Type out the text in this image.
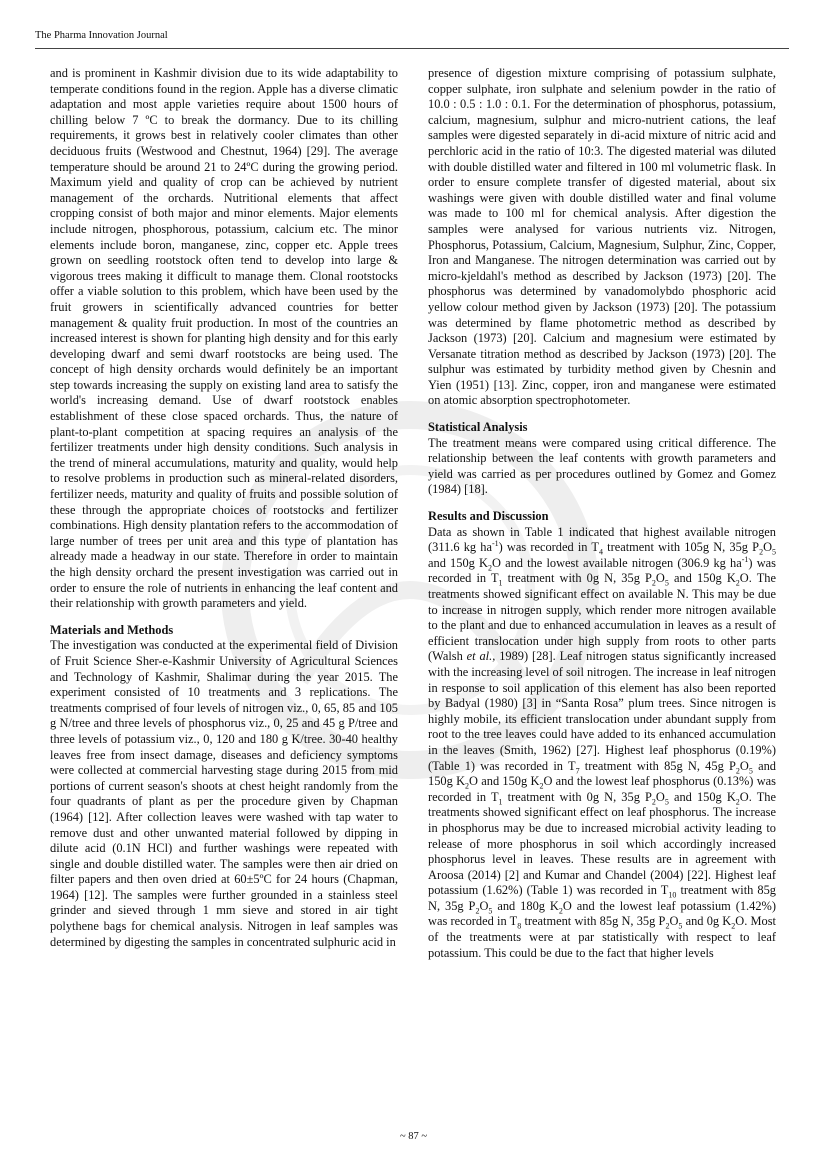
The Pharma Innovation Journal

and is prominent in Kashmir division due to its wide adaptability to temperate conditions found in the region. Apple has a diverse climatic adaptation and most apple varieties require about 1500 hours of chilling below 7 ºC to break the dormancy. Due to its chilling requirements, it grows best in relatively cooler climates than other deciduous fruits (Westwood and Chestnut, 1964) [29]. The average temperature should be around 21 to 24ºC during the growing period. Maximum yield and quality of crop can be achieved by nutrient management of the orchards. Nutritional elements that affect cropping consist of both major and minor elements. Major elements include nitrogen, phosphorous, potassium, calcium etc. The minor elements include boron, manganese, zinc, copper etc. Apple trees grown on seedling rootstock often tend to develop into large & vigorous trees making it difficult to manage them. Clonal rootstocks offer a viable solution to this problem, which have been used by the fruit growers in scientifically advanced countries for better management & quality fruit production. In most of the countries an increased interest is shown for planting high density and for this early developing dwarf and semi dwarf rootstocks are being used. The concept of high density orchards would definitely be an important step towards increasing the supply on existing land area to satisfy the world's increasing demand. Use of dwarf rootstock enables establishment of these close spaced orchards. Thus, the nature of plant-to-plant competition at spacing requires an analysis of the fertilizer treatments under high density conditions. Such analysis in the trend of mineral accumulations, maturity and quality, would help to resolve problems in production such as mineral-related disorders, fertilizer needs, maturity and quality of fruits and possible solution of these through the appropriate choices of rootstocks and fertilizer combinations. High density plantation refers to the accommodation of large number of trees per unit area and this type of plantation has already made a headway in our state. Therefore in order to maintain the high density orchard the present investigation was carried out in order to ensure the role of nutrients in enhancing the leaf content and their relationship with growth parameters and yield.

Materials and Methods

The investigation was conducted at the experimental field of Division of Fruit Science Sher-e-Kashmir University of Agricultural Sciences and Technology of Kashmir, Shalimar during the year 2015. The experiment consisted of 10 treatments and 3 replications. The treatments comprised of four levels of nitrogen viz., 0, 65, 85 and 105 g N/tree and three levels of phosphorus viz., 0, 25 and 45 g P/tree and three levels of potassium viz., 0, 120 and 180 g K/tree. 30-40 healthy leaves free from insect damage, diseases and deficiency symptoms were collected at commercial harvesting stage during 2015 from mid portions of current season's shoots at chest height randomly from the four quadrants of plant as per the procedure given by Chapman (1964) [12]. After collection leaves were washed with tap water to remove dust and other unwanted material followed by dipping in dilute acid (0.1N HCl) and further washings were repeated with single and double distilled water. The samples were then air dried on filter papers and then oven dried at 60±5ºC for 24 hours (Chapman, 1964) [12]. The samples were further grounded in a stainless steel grinder and sieved through 1 mm sieve and stored in air tight polythene bags for chemical analysis. Nitrogen in leaf samples was determined by digesting the samples in concentrated sulphuric acid in

presence of digestion mixture comprising of potassium sulphate, copper sulphate, iron sulphate and selenium powder in the ratio of 10.0 : 0.5 : 1.0 : 0.1. For the determination of phosphorus, potassium, calcium, magnesium, sulphur and micro-nutrient cations, the leaf samples were digested separately in di-acid mixture of nitric acid and perchloric acid in the ratio of 10:3. The digested material was diluted with double distilled water and filtered in 100 ml volumetric flask. In order to ensure complete transfer of digested material, about six washings were given with double distilled water and final volume was made to 100 ml for chemical analysis. After digestion the samples were analysed for various nutrients viz. Nitrogen, Phosphorus, Potassium, Calcium, Magnesium, Sulphur, Zinc, Copper, Iron and Manganese. The nitrogen determination was carried out by micro-kjeldahl's method as described by Jackson (1973) [20]. The phosphorus was determined by vanadomolybdo phosphoric acid yellow colour method given by Jackson (1973) [20]. The potassium was determined by flame photometric method as described by Jackson (1973) [20]. Calcium and magnesium were estimated by Versanate titration method as described by Jackson (1973) [20]. The sulphur was estimated by turbidity method given by Chesnin and Yien (1951) [13]. Zinc, copper, iron and manganese were estimated on atomic absorption spectrophotometer.

Statistical Analysis

The treatment means were compared using critical difference. The relationship between the leaf contents with growth parameters and yield was carried as per procedures outlined by Gomez and Gomez (1984) [18].

Results and Discussion

Data as shown in Table 1 indicated that highest available nitrogen (311.6 kg $ha^{-1}$) was recorded in $T_4$ treatment with 105g N, 35g $P_2O_5$ and 150g $K_2O$ and the lowest available nitrogen (306.9 kg $ha^{-1}$) was recorded in $T_1$ treatment with 0g N, 35g $P_2O_5$ and 150g $K_2O$. The treatments showed significant effect on available N. This may be due to increase in nitrogen supply, which render more nitrogen available to the plant and due to enhanced accumulation in leaves as a result of efficient translocation under high supply from roots to other parts (Walsh et al., 1989) [28]. Leaf nitrogen status significantly increased with the increasing level of soil nitrogen. The increase in leaf nitrogen in response to soil application of this element has also been reported by Badyal (1980) [3] in “Santa Rosa” plum trees. Since nitrogen is highly mobile, its efficient translocation under abundant supply from root to the tree leaves could have added to its enhanced accumulation in the leaves (Smith, 1962) [27]. Highest leaf phosphorus (0.19%) (Table 1) was recorded in $T_7$ treatment with 85g N, 45g $P_2O_5$ and 150g $K_2O$ and 150g $K_2O$ and the lowest leaf phosphorus (0.13%) was recorded in $T_1$ treatment with 0g N, 35g $P_2O_5$ and 150g $K_2O$. The treatments showed significant effect on leaf phosphorus. The increase in phosphorus may be due to increased microbial activity leading to release of more phosphorus in soil which accordingly increased phosphorus level in leaves. These results are in agreement with Aroosa (2014) [2] and Kumar and Chandel (2004) [22]. Highest leaf potassium (1.62%) (Table 1) was recorded in $T_{10}$ treatment with 85g N, 35g $P_2O_5$ and 180g $K_2O$ and the lowest leaf potassium (1.42%) was recorded in $T_8$ treatment with 85g N, 35g $P_2O_5$ and 0g $K_2O$. Most of the treatments were at par statistically with respect to leaf potassium. This could be due to the fact that higher levels

~ 87 ~
